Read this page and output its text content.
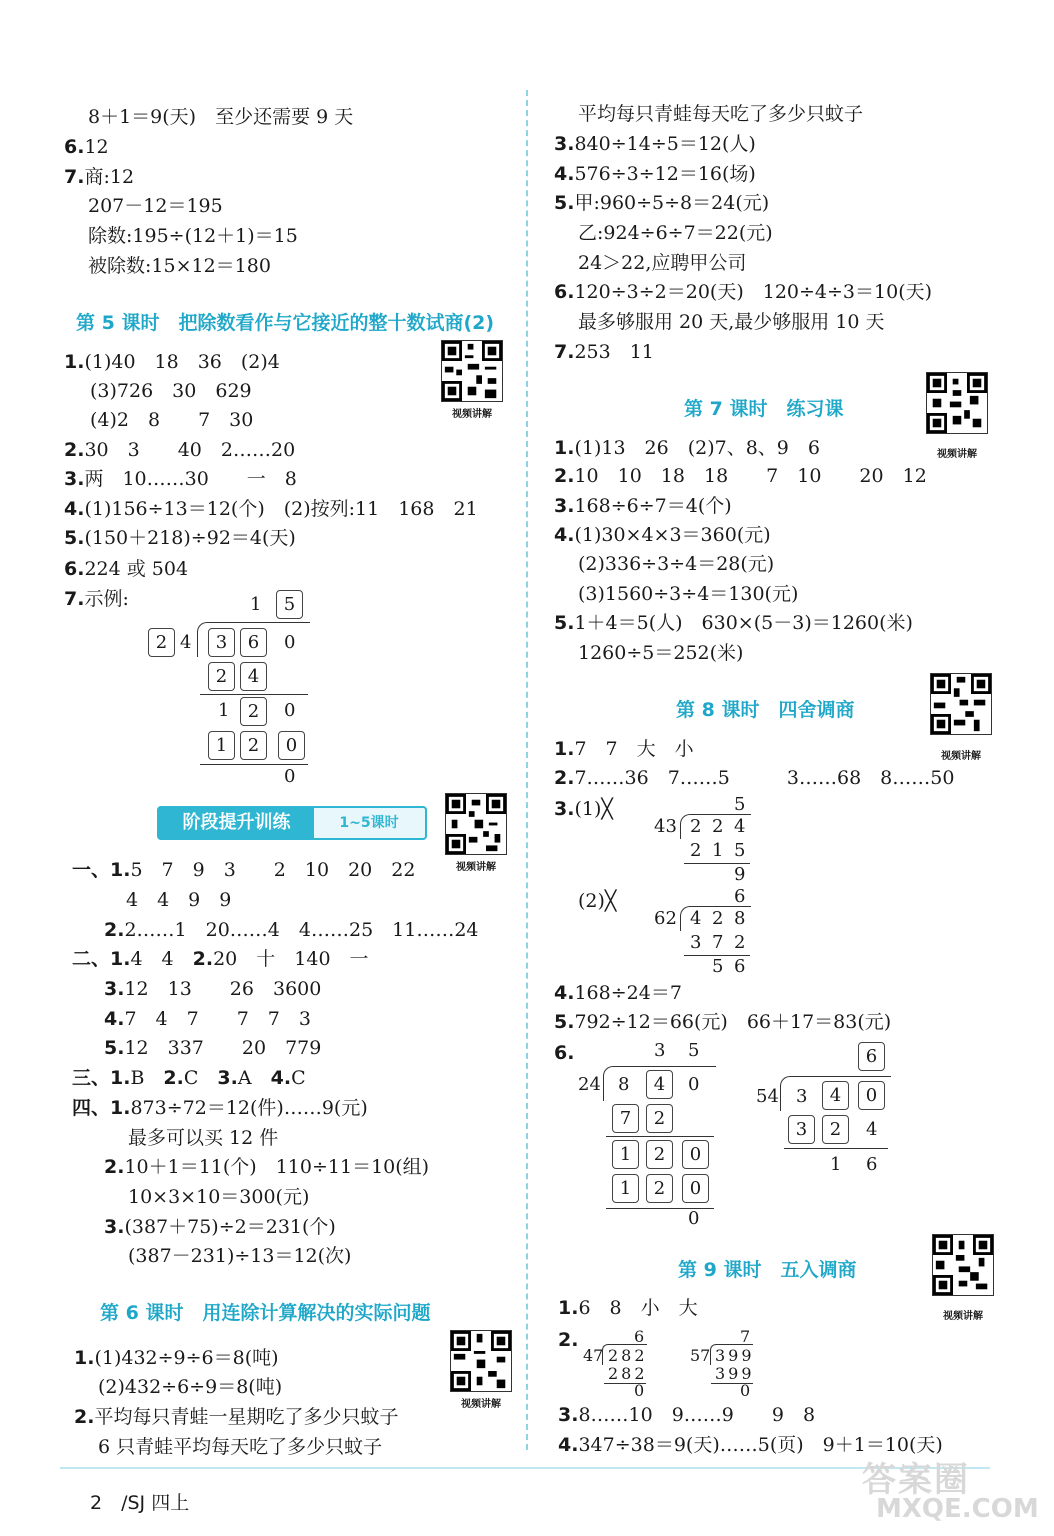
8＋1＝9(天)　至少还需要 9 天
6.12
7.商:12
207－12＝195
除数:195÷(12＋1)＝15
被除数:15×12＝180
第 5 课时　把除数看作与它接近的整十数试商(2)
视频讲解
1.(1)40　18　36　(2)4
(3)726　30　629
(4)2　8　　7　30
2.30　3　　40　2……20
3.两　10……30　　一　8
4.(1)156÷13＝12(个)　(2)按列:11　168　21
5.(150＋218)÷92＝4(天)
6.224 或 504
7.示例:	1	5
2 4	3	6	0
2	4
1	2	0
1	2	0
0
阶段提升训练	1~5课时
视频讲解
一、1.5　7　9　3　　2　10　20　22
4　4　9　9
2.2……1　20……4　4……25　11……24
二、1.4　4　2.20　十　140　一
3.12　13　　26　3600
4.7　4　7　　7　7　3
5.12　337　　20　779
三、1.B　2.C　3.A　4.C
四、1.873÷72＝12(件)……9(元)
最多可以买 12 件
2.10＋1＝11(个)　110÷11＝10(组)
10×3×10＝300(元)
3.(387＋75)÷2＝231(个)
(387－231)÷13＝12(次)
第 6 课时　用连除计算解决的实际问题
视频讲解
1.(1)432÷9÷6＝8(吨)
(2)432÷6÷9＝8(吨)
2.平均每只青蛙一星期吃了多少只蚊子
6 只青蛙平均每天吃了多少只蚊子
平均每只青蛙每天吃了多少只蚊子
3.840÷14÷5＝12(人)
4.576÷3÷12＝16(场)
5.甲:960÷5÷8＝24(元)
乙:924÷6÷7＝22(元)
24＞22,应聘甲公司
6.120÷3÷2＝20(天)　120÷4÷3＝10(天)
最多够服用 20 天,最少够服用 10 天
7.253　11
第 7 课时　练习课
视频讲解
1.(1)13　26　(2)7、8、9　6
2.10　10　18　18　　7　10　　20　12
3.168÷6÷7＝4(个)
4.(1)30×4×3＝360(元)
(2)336÷3÷4＝28(元)
(3)1560÷3÷4＝130(元)
5.1＋4＝5(人)　630×(5－3)＝1260(米)
1260÷5＝252(米)
第 8 课时　四舍调商
视频讲解
1.7　7　大　小
2.7……36　7……5　　　3……68　8……50
3.(1)╳	5
43 2 2 4
2 1 5
9
(2)╳	6
62 4 2 8
3 7 2
5 6
4.168÷24＝7
5.792÷12＝66(元)　66＋17＝83(元)
6.	3 5
24 8	4	0
7	2
1	2	0
1	2	0
0
6
54 3	4	0
3	2	4
1 6
第 9 课时　五入调商
视频讲解
1.6　8　小　大
2.	6
47 282
282
0
7
57 399
399
0
3.8……10　9……9　　9　8
4.347÷38＝9(天)……5(页)　9＋1＝10(天)
2　/SJ 四上
答案圈
MXQE.COM
